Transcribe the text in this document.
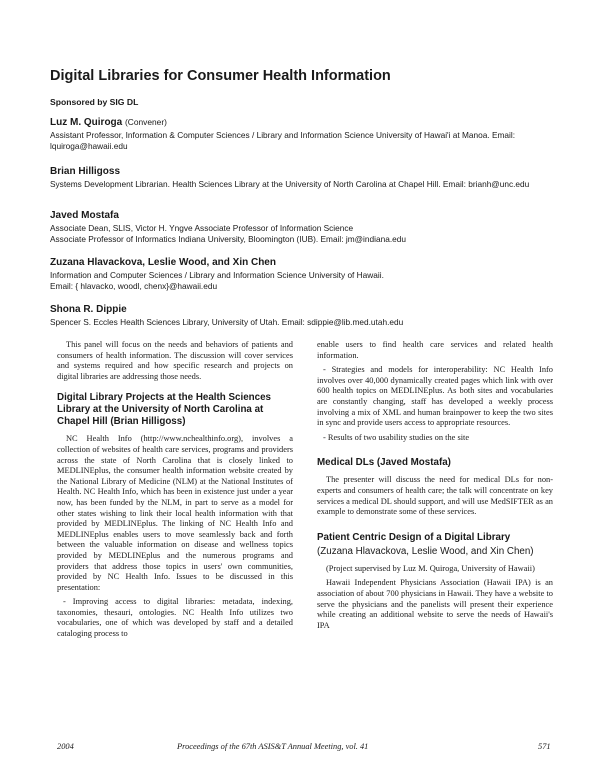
Digital Libraries for Consumer Health Information
Sponsored by SIG DL
Luz M. Quiroga (Convener)
Assistant Professor, Information & Computer Sciences / Library and Information Science University of Hawai'i at Manoa. Email: lquiroga@hawaii.edu
Brian Hilligoss
Systems Development Librarian. Health Sciences Library at the University of North Carolina at Chapel Hill. Email: brianh@unc.edu
Javed Mostafa
Associate Dean, SLIS, Victor H. Yngve Associate Professor of Information Science
Associate Professor of Informatics Indiana University, Bloomington (IUB). Email: jm@indiana.edu
Zuzana Hlavackova, Leslie Wood, and Xin Chen
Information and Computer Sciences / Library and Information Science University of Hawaii.
Email: { hlavacko, woodl, chenx}@hawaii.edu
Shona R. Dippie
Spencer S. Eccles Health Sciences Library, University of Utah. Email: sdippie@lib.med.utah.edu

This panel will focus on the needs and behaviors of patients and consumers of health information. The discussion will cover services and systems required and how specific research and projects on digital libraries are addressing those needs.

Digital Library Projects at the Health Sciences Library at the University of North Carolina at Chapel Hill (Brian Hilligoss)

NC Health Info (http://www.nchealthinfo.org), involves a collection of websites of health care services, programs and providers across the state of North Carolina that is closely linked to MEDLINEplus, the consumer health information website created by the National Library of Medicine (NLM) at the National Institutes of Health. NC Health Info, which has been in existence just under a year now, has been funded by the NLM, in part to serve as a model for other states wishing to link their local health information with that provided by MEDLINEplus. The linking of NC Health Info and MEDLINEplus enables users to move seamlessly back and forth between the valuable information on disease and wellness topics provided by MEDLINEplus and the numerous programs and providers that address those topics in users' own communities, provided by NC Health Info. Issues to be discussed in this presentation:

- Improving access to digital libraries: metadata, indexing, taxonomies, thesauri, ontologies. NC Health Info utilizes two vocabularies, one of which was developed by staff and a detailed cataloging process to

enable users to find health care services and related health information.

- Strategies and models for interoperability: NC Health Info involves over 40,000 dynamically created pages which link with over 600 health topics on MEDLINEplus. As both sites and vocabularies are constantly changing, staff has developed a weekly process involving a mix of XML and human brainpower to keep the two sites in sync and provide users access to appropriate resources.

- Results of two usability studies on the site

Medical DLs (Javed Mostafa)

The presenter will discuss the need for medical DLs for non-experts and consumers of health care; the talk will concentrate on key services a medical DL should support, and will use MedSIFTER as an example to demonstrate some of these services.

Patient Centric Design of a Digital Library
(Zuzana Hlavackova, Leslie Wood, and Xin Chen)

(Project supervised by Luz M. Quiroga, University of Hawaii)

Hawaii Independent Physicians Association (Hawaii IPA) is an association of about 700 physicians in Hawaii. They have a website to serve the physicians and the panelists will present their experience while creating an additional website to serve the needs of Hawaii's IPA

2004	Proceedings of the 67th ASIS&T Annual Meeting, vol. 41	571
